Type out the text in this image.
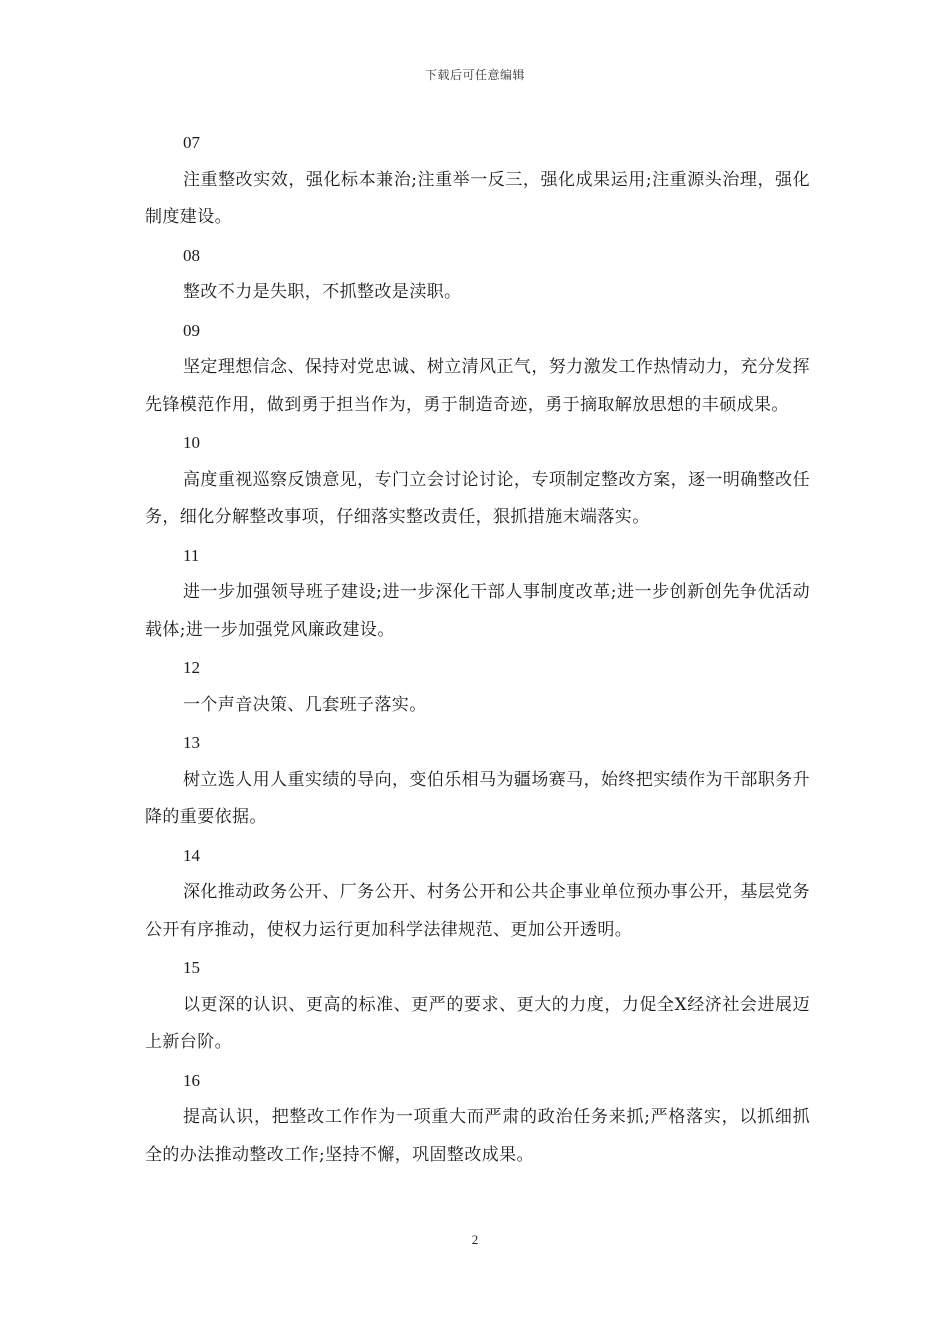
下载后可任意编辑

07

注重整改实效，强化标本兼治;注重举一反三，强化成果运用;注重源头治理，强化制度建设。

08

整改不力是失职，不抓整改是渎职。

09

坚定理想信念、保持对党忠诚、树立清风正气，努力激发工作热情动力，充分发挥先锋模范作用，做到勇于担当作为，勇于制造奇迹，勇于摘取解放思想的丰硕成果。

10

高度重视巡察反馈意见，专门立会讨论讨论，专项制定整改方案，逐一明确整改任务，细化分解整改事项，仔细落实整改责任，狠抓措施末端落实。

11

进一步加强领导班子建设;进一步深化干部人事制度改革;进一步创新创先争优活动载体;进一步加强党风廉政建设。

12

一个声音决策、几套班子落实。

13

树立选人用人重实绩的导向，变伯乐相马为疆场赛马，始终把实绩作为干部职务升降的重要依据。

14

深化推动政务公开、厂务公开、村务公开和公共企事业单位预办事公开，基层党务公开有序推动，使权力运行更加科学法律规范、更加公开透明。

15

以更深的认识、更高的标准、更严的要求、更大的力度，力促全X经济社会进展迈上新台阶。

16

提高认识，把整改工作作为一项重大而严肃的政治任务来抓;严格落实，以抓细抓全的办法推动整改工作;坚持不懈，巩固整改成果。

2
